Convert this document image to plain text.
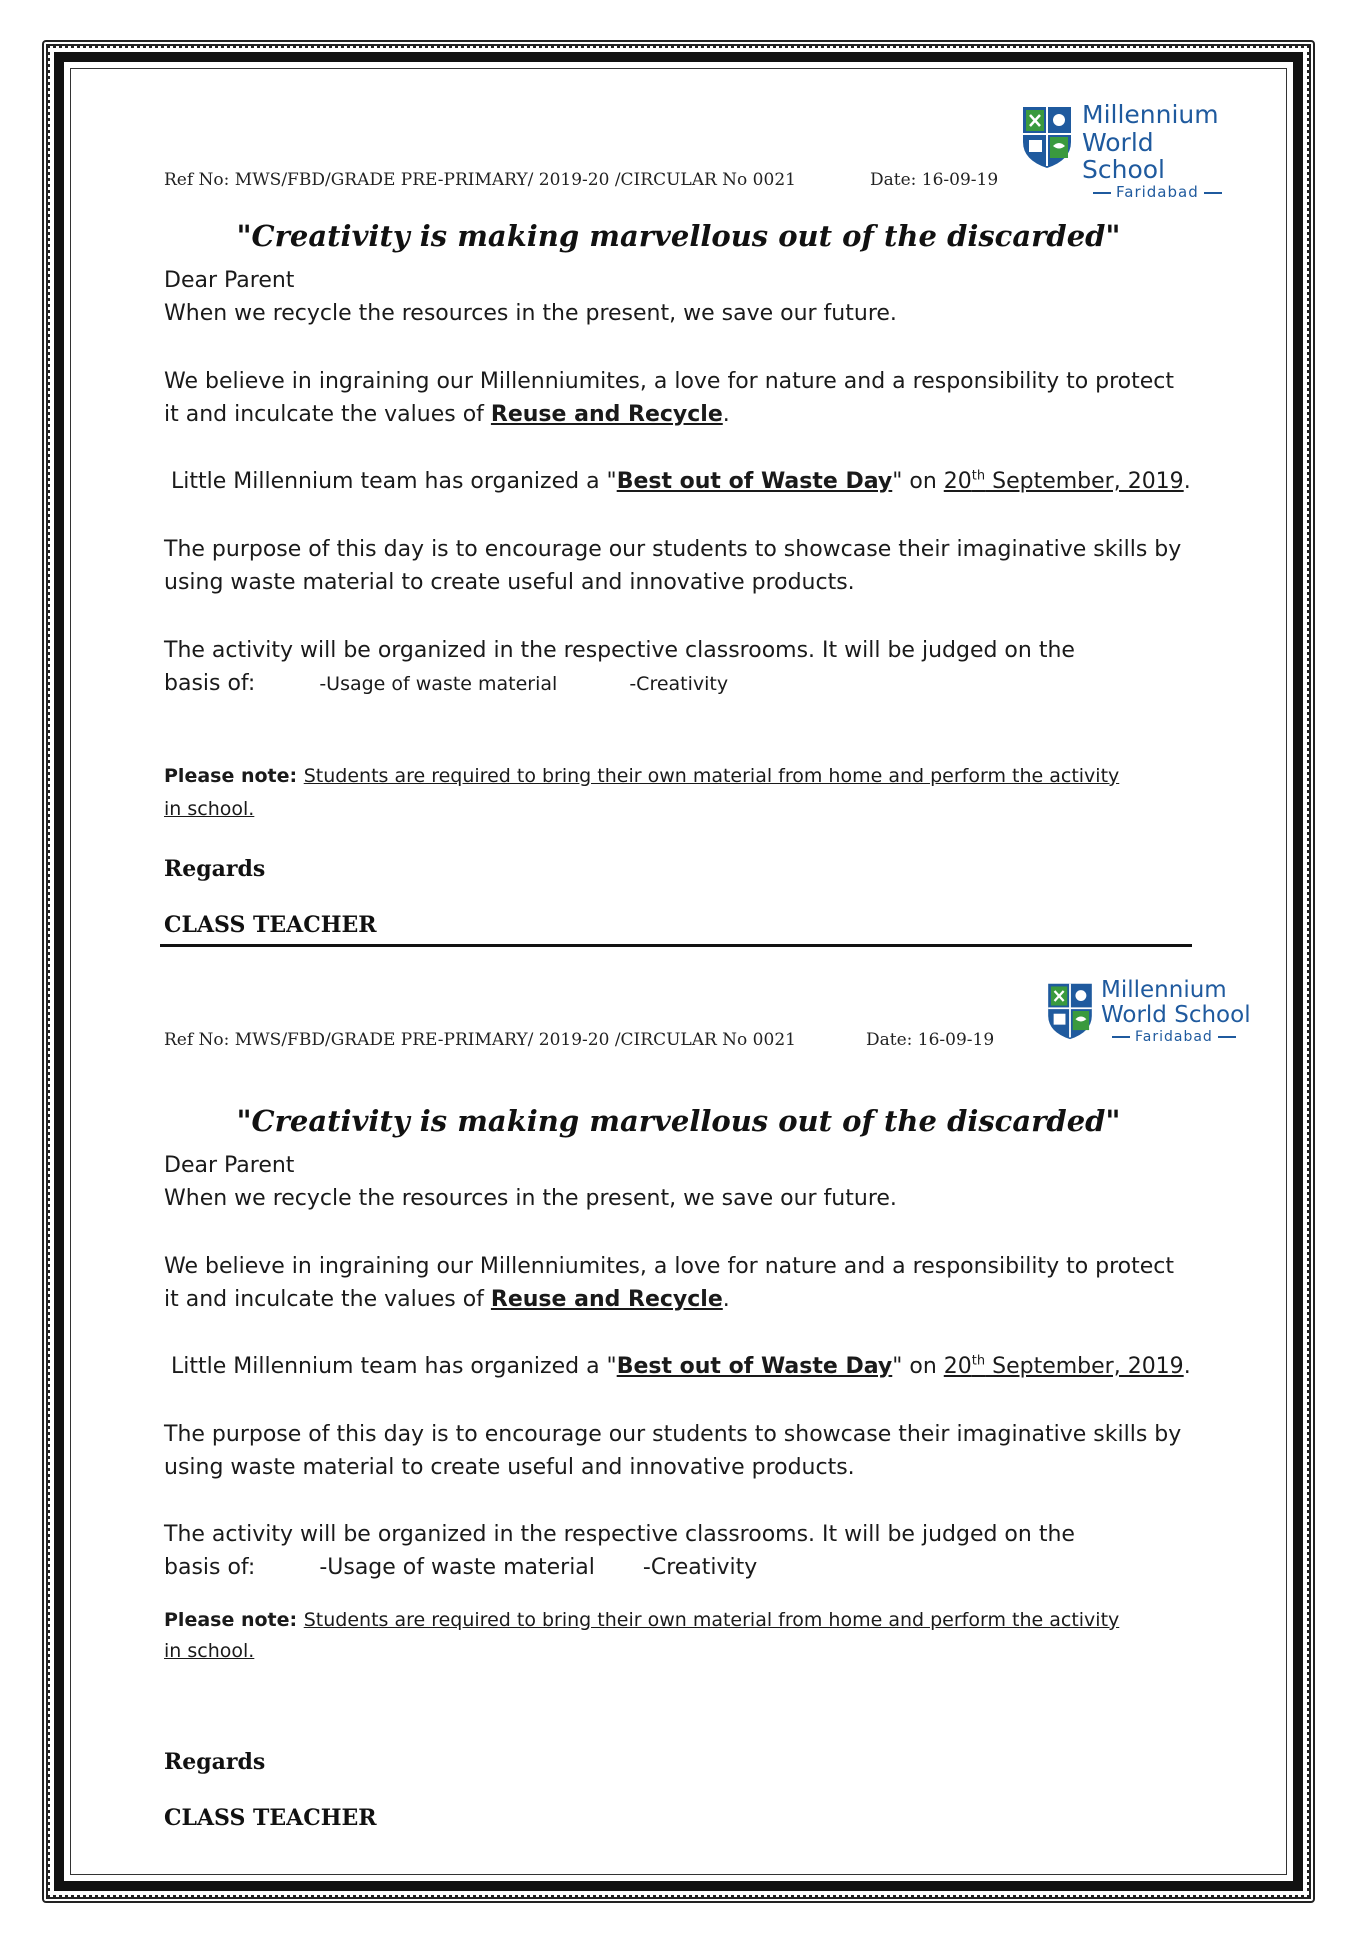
Millennium
World School
Faridabad
Ref No: MWS/FBD/GRADE PRE-PRIMARY/ 2019-20 /CIRCULAR No 0021	Date: 16-09-19
"Creativity is making marvellous out of the discarded"
Dear Parent
When we recycle the resources in the present, we save our future.
We believe in ingraining our Millenniumites, a love for nature and a responsibility to protect
it and inculcate the values of Reuse and Recycle.
Little Millennium team has organized a "Best out of Waste Day" on 20th September, 2019.
The purpose of this day is to encourage our students to showcase their imaginative skills by
using waste material to create useful and innovative products.
The activity will be organized in the respective classrooms. It will be judged on the
basis of:	-Usage of waste material	-Creativity
Please note: Students are required to bring their own material from home and perform the activity
in school.
Regards
CLASS TEACHER
Millennium
World School
Faridabad
Ref No: MWS/FBD/GRADE PRE-PRIMARY/ 2019-20 /CIRCULAR No 0021	Date: 16-09-19
"Creativity is making marvellous out of the discarded"
Dear Parent
When we recycle the resources in the present, we save our future.
We believe in ingraining our Millenniumites, a love for nature and a responsibility to protect
it and inculcate the values of Reuse and Recycle.
Little Millennium team has organized a "Best out of Waste Day" on 20th September, 2019.
The purpose of this day is to encourage our students to showcase their imaginative skills by
using waste material to create useful and innovative products.
The activity will be organized in the respective classrooms. It will be judged on the
basis of:	-Usage of waste material -Creativity
Please note: Students are required to bring their own material from home and perform the activity
in school.
Regards
CLASS TEACHER
